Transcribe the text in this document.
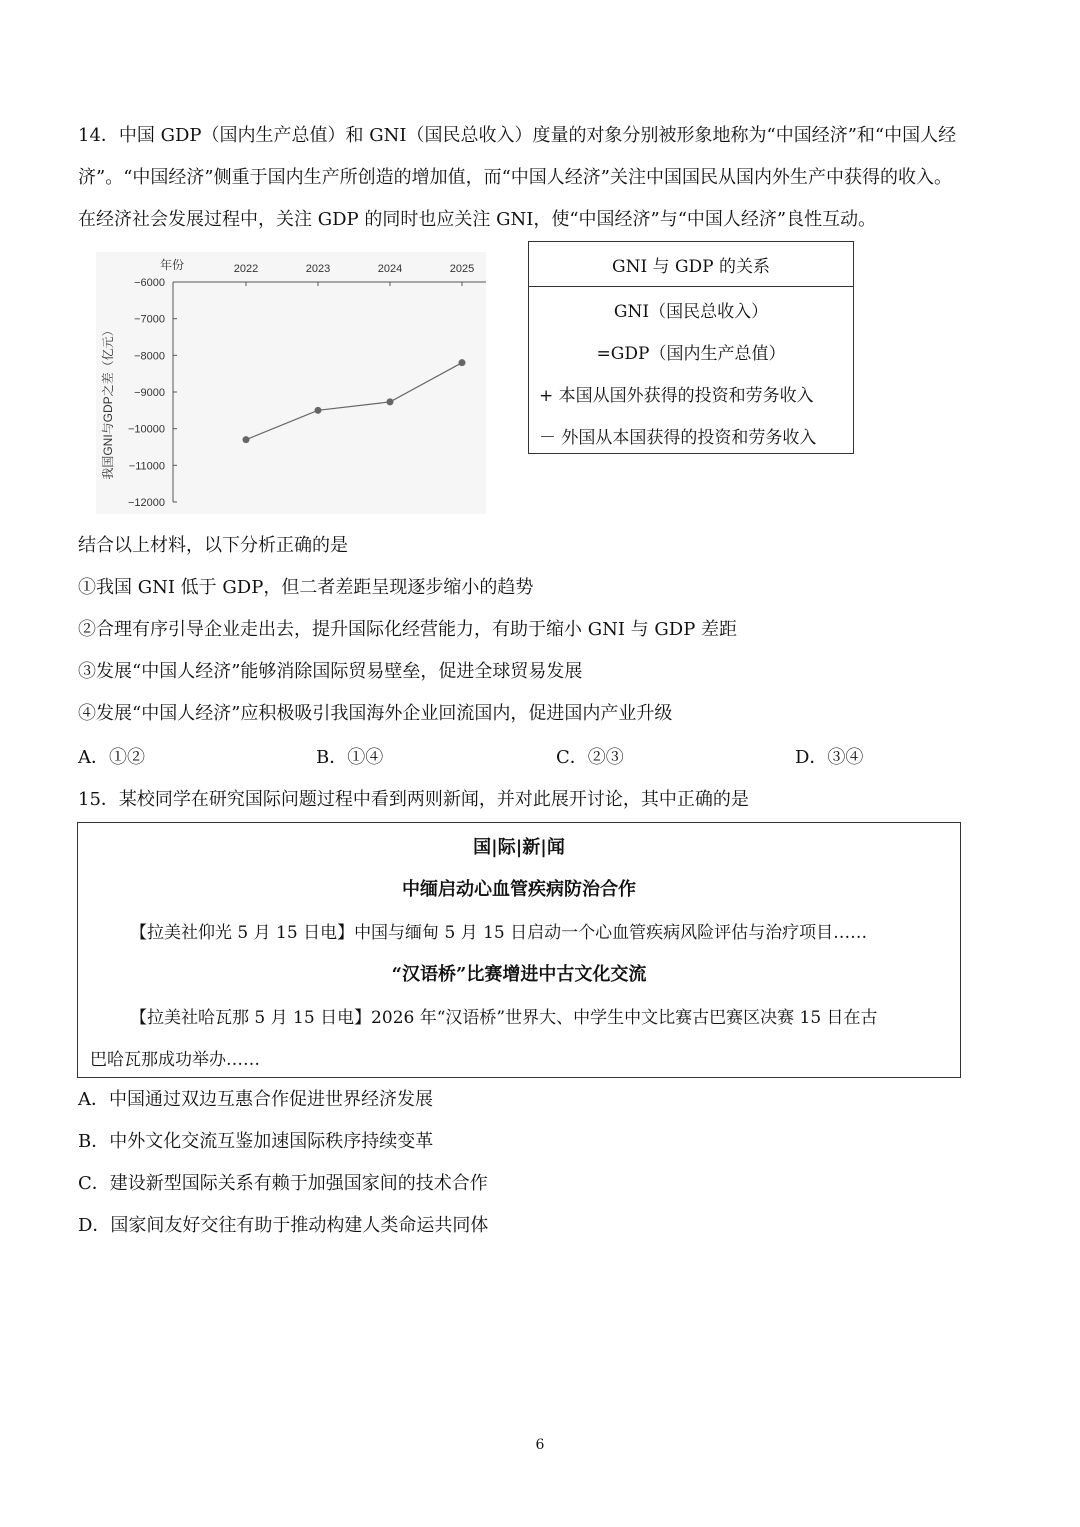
14．中国 GDP（国内生产总值）和 GNI（国民总收入）度量的对象分别被形象地称为“中国经济”和“中国人经
济”。“中国经济”侧重于国内生产所创造的增加值，而“中国人经济”关注中国国民从国内外生产中获得的收入。
在经济社会发展过程中，关注 GDP 的同时也应关注 GNI，使“中国经济”与“中国人经济”良性互动。
−6000
−7000
−8000
−9000
−10000
−11000
−12000
2022	2023	2024	2025
年份
我国GNI与GDP之差（亿元）
GNI 与 GDP 的关系
GNI（国民总收入）
=GDP（国内生产总值）
+ 本国从国外获得的投资和劳务收入
－ 外国从本国获得的投资和劳务收入
结合以上材料，以下分析正确的是
①我国 GNI 低于 GDP，但二者差距呈现逐步缩小的趋势
②合理有序引导企业走出去，提升国际化经营能力，有助于缩小 GNI 与 GDP 差距
③发展“中国人经济”能够消除国际贸易壁垒，促进全球贸易发展
④发展“中国人经济”应积极吸引我国海外企业回流国内，促进国内产业升级
A．①②	B．①④	C．②③	D．③④
15．某校同学在研究国际问题过程中看到两则新闻，并对此展开讨论，其中正确的是
国|际|新|闻
中缅启动心血管疾病防治合作
【拉美社仰光 5 月 15 日电】中国与缅甸 5 月 15 日启动一个心血管疾病风险评估与治疗项目……
“汉语桥”比赛增进中古文化交流
【拉美社哈瓦那 5 月 15 日电】2026 年“汉语桥”世界大、中学生中文比赛古巴赛区决赛 15 日在古
巴哈瓦那成功举办……
A．中国通过双边互惠合作促进世界经济发展
B．中外文化交流互鉴加速国际秩序持续变革
C．建设新型国际关系有赖于加强国家间的技术合作
D．国家间友好交往有助于推动构建人类命运共同体
6
